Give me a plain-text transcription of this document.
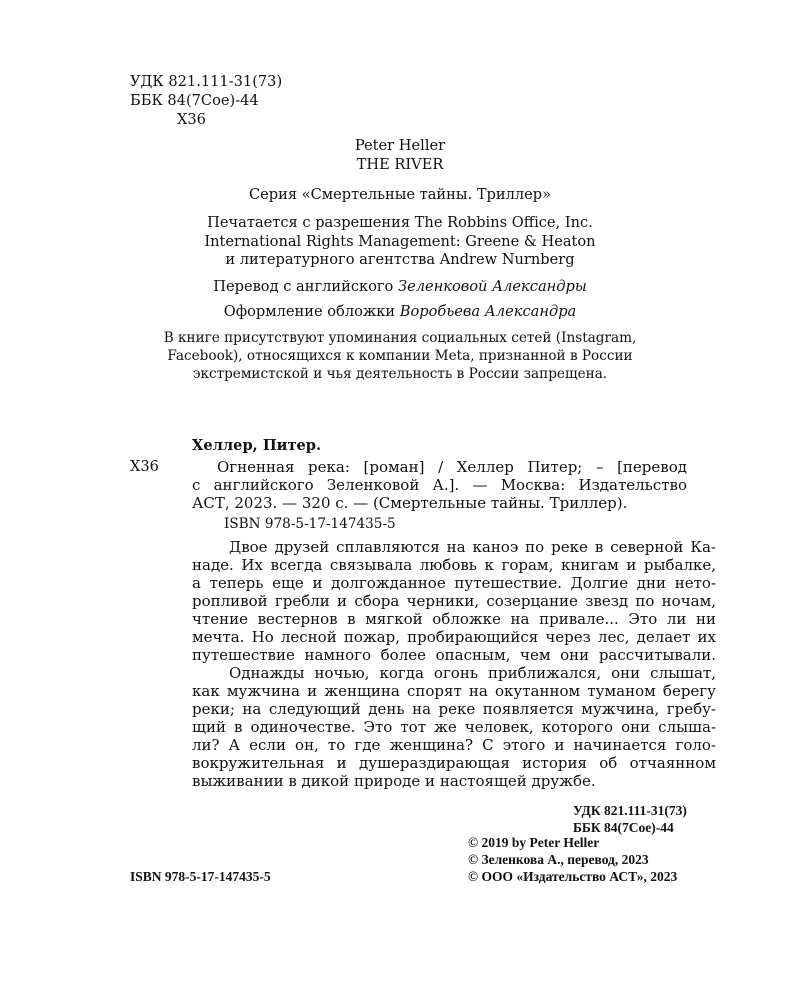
УДК 821.111-31(73)
ББК 84(7Сое)-44
Х36
Peter Heller
THE RIVER
Серия «Смертельные тайны. Триллер»
Печатается с разрешения The Robbins Office, Inc.
International Rights Management: Greene & Heaton
и литературного агентства Andrew Nurnberg
Перевод с английского Зеленковой Александры
Оформление обложки Воробьева Александра
В книге присутствуют упоминания социальных сетей (Instagram,
Facebook), относящихся к компании Meta, признанной в России
экстремистской и чья деятельность в России запрещена.
Хеллер, Питер.
Х36	Огненная река: [роман] / Хеллер Питер; – [перевод
с английского Зеленковой А.]. — Москва: Издательство
АСТ, 2023. — 320 с. — (Смертельные тайны. Триллер).
ISBN 978-5-17-147435-5
Двое друзей сплавляются на каноэ по реке в северной Ка-
наде. Их всегда связывала любовь к горам, книгам и рыбалке,
а теперь еще и долгожданное путешествие. Долгие дни нето-
ропливой гребли и сбора черники, созерцание звезд по ночам,
чтение вестернов в мягкой обложке на привале... Это ли ни
мечта. Но лесной пожар, пробирающийся через лес, делает их
путешествие намного более опасным, чем они рассчитывали.
Однажды ночью, когда огонь приближался, они слышат,
как мужчина и женщина спорят на окутанном туманом берегу
реки; на следующий день на реке появляется мужчина, гребу-
щий в одиночестве. Это тот же человек, которого они слыша-
ли? А если он, то где женщина? С этого и начинается голо-
вокружительная и душераздирающая история об отчаянном
выживании в дикой природе и настоящей дружбе.
УДК 821.111-31(73)
ББК 84(7Сое)-44
© 2019 by Peter Heller
© Зеленкова А., перевод, 2023
© ООО «Издательство АСТ», 2023
ISBN 978-5-17-147435-5
